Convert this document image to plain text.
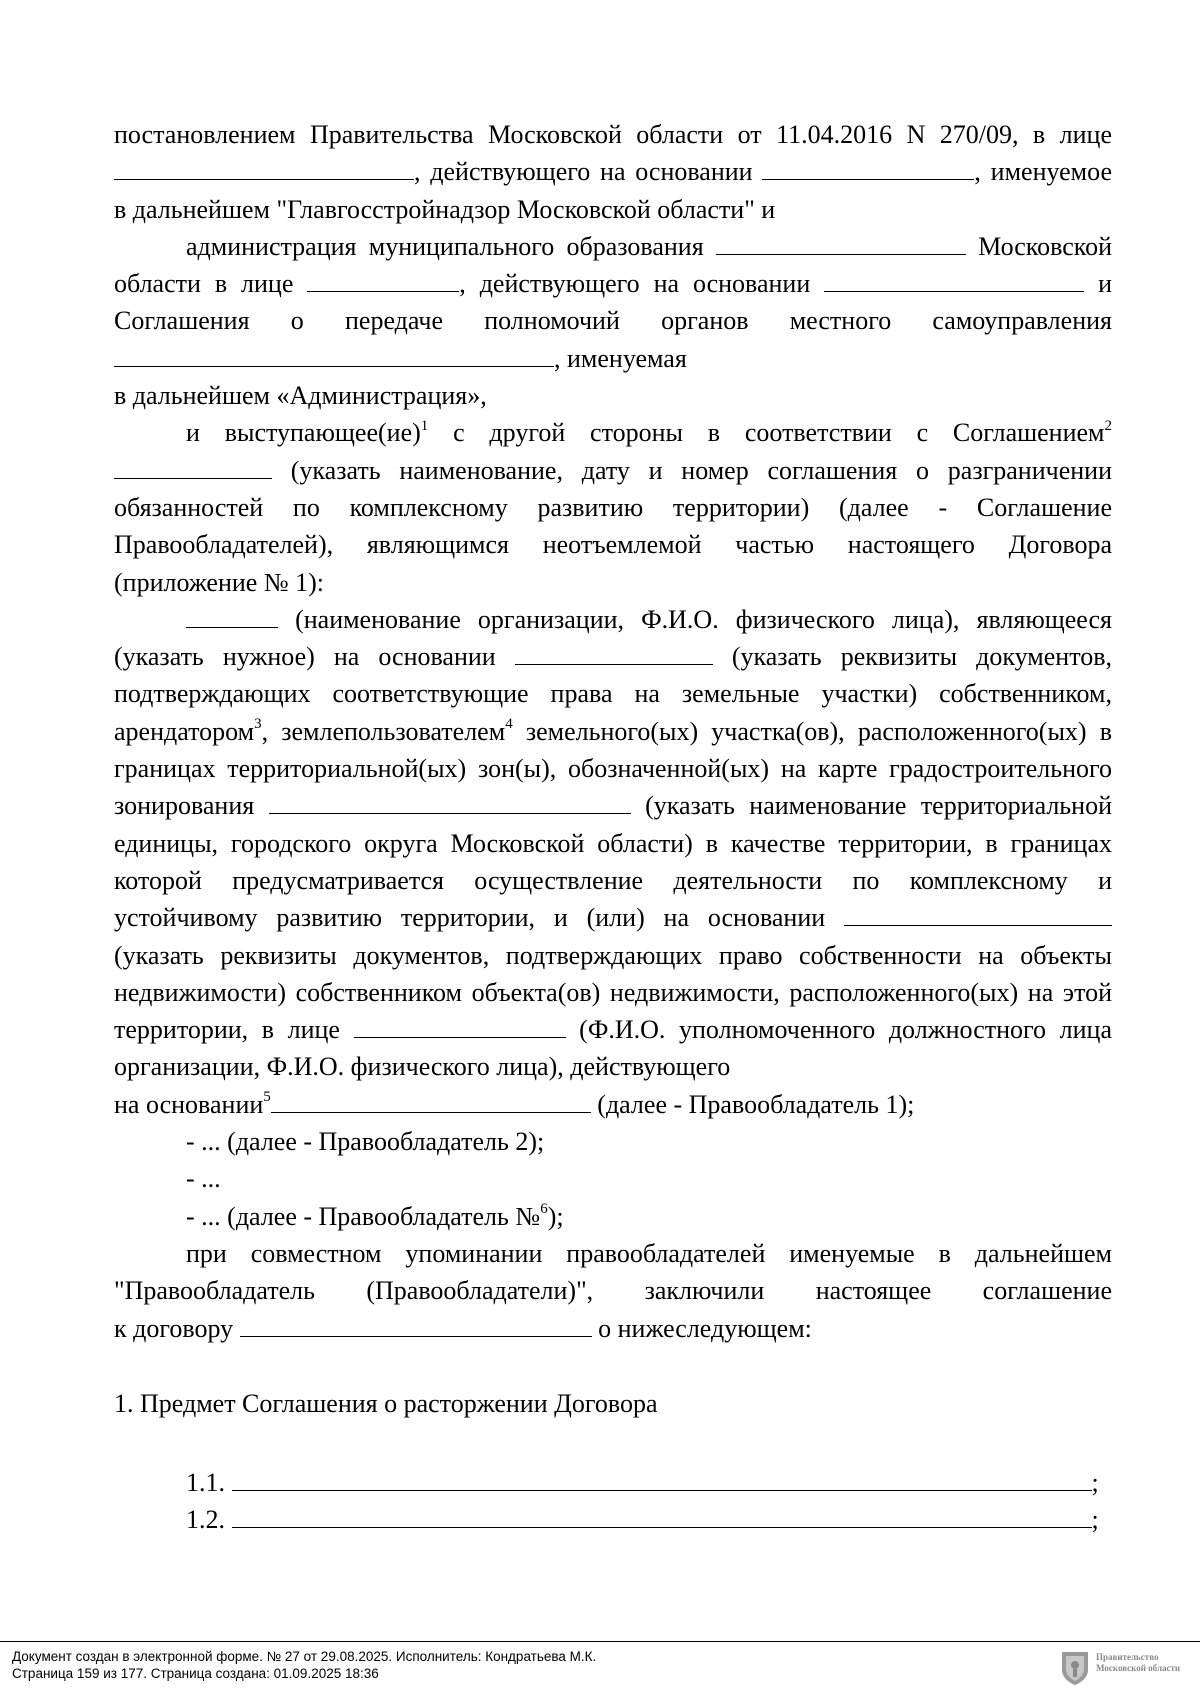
постановлением Правительства Московской области от 11.04.2016 N 270/09, в лице , действующего на основании	, именуемое в дальнейшем "Главгосстройнадзор Московской области" и

администрация муниципального образования	Московской области в лице	, действующего на основании	и Соглашения о передаче полномочий органов местного самоуправления , именуемая

в дальнейшем «Администрация»,

и выступающее(ие)$^1$ с другой стороны в соответствии с Соглашением$^2$  (указать наименование, дату и номер соглашения о разграничении обязанностей по комплексному развитию территории) (далее - Соглашение Правообладателей), являющимся неотъемлемой частью настоящего Договора (приложение № 1):

(наименование организации, Ф.И.О. физического лица), являющееся (указать нужное) на основании	(указать реквизиты документов, подтверждающих соответствующие права на земельные участки) собственником, арендатором$^3$, землепользователем$^4$ земельного(ых) участка(ов), расположенного(ых) в границах территориальной(ых) зон(ы), обозначенной(ых) на карте градостроительного зонирования	(указать наименование территориальной единицы, городского округа Московской области) в качестве территории, в границах которой предусматривается осуществление деятельности по комплексному и устойчивому развитию территории, и (или) на основании  (указать реквизиты документов, подтверждающих право собственности на объекты недвижимости) собственником объекта(ов) недвижимости, расположенного(ых) на этой территории, в лице	(Ф.И.О. уполномоченного должностного лица организации, Ф.И.О. физического лица), действующего

на основании$^5$	(далее - Правообладатель 1);

- ... (далее - Правообладатель 2);

- ...

- ... (далее - Правообладатель №$^6$);

при совместном упоминании правообладателей именуемые в дальнейшем "Правообладатель (Правообладатели)", заключили настоящее соглашение

к договору	о нижеследующем:

1. Предмет Соглашения о расторжении Договора

1.1.	;

1.2.	;

Документ создан в электронной форме. № 27 от 29.08.2025. Исполнитель: Кондратьева М.К.
Страница 159 из 177. Страница создана: 01.09.2025 18:36
Правительство Московской области
